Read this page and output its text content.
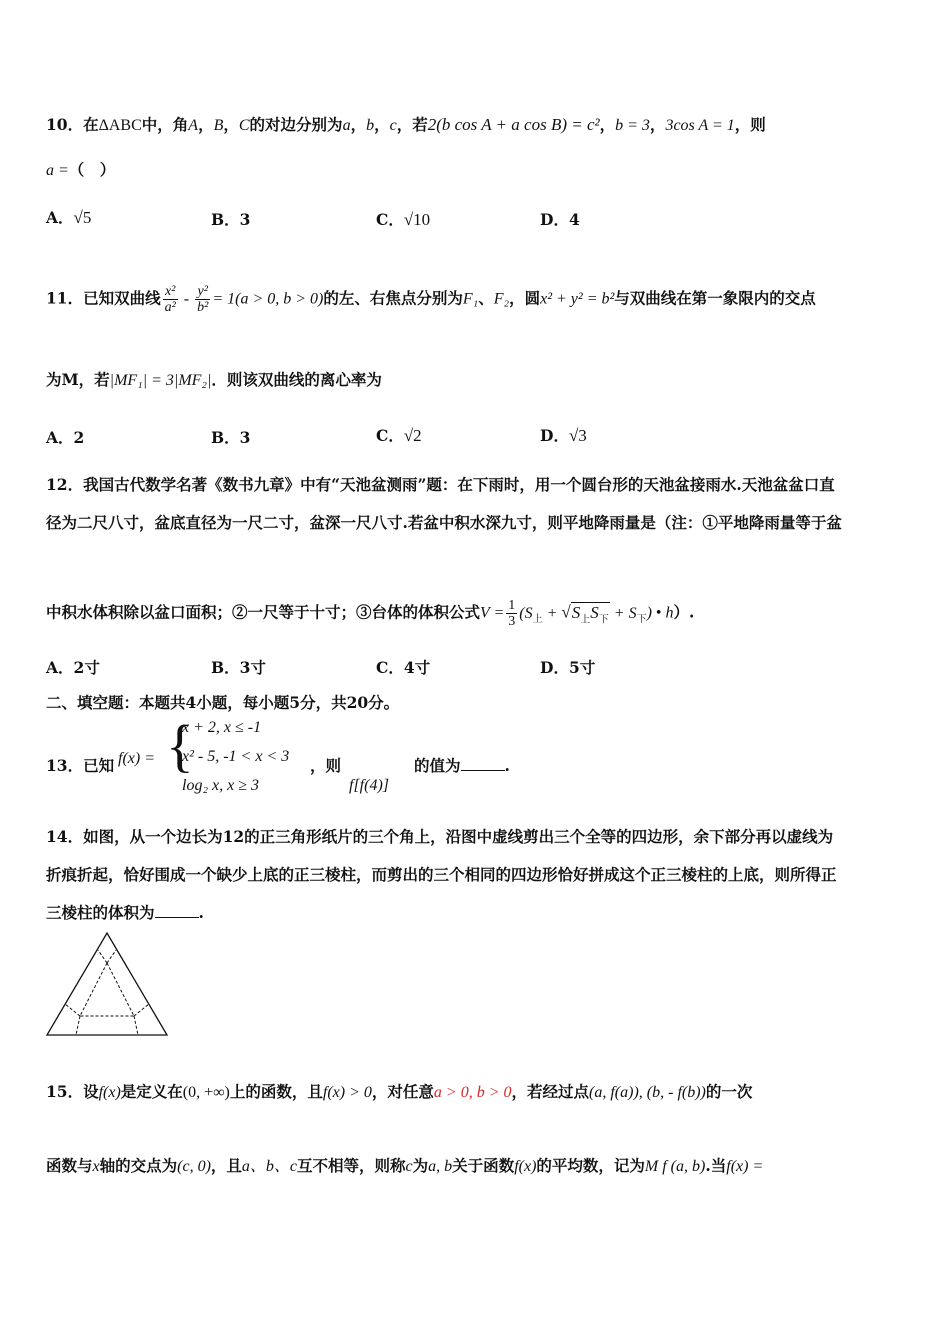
10．在ΔABC中，角A，B，C的对边分别为a，b，c，若2(b cos A + a cos B) = c²，b = 3，3cos A = 1，则
a =（　）
A．√5	B．3	C．√10	D．4
11．已知双曲线 $\frac{\text{x²}}{\text{a²}} - \frac{\text{y²}}{\text{b²}} = 1(a > 0$, b > 0)的左、右焦点分别为F₁、F₂，圆x² + y² = b²与双曲线在第一象限内的交点
为M，若|MF₁| = 3|MF₂|．则该双曲线的离心率为
A．2	B．3	C．√2	D．√3
12．我国古代数学名著《数书九章》中有“天池盆测雨”题：在下雨时，用一个圆台形的天池盆接雨水.天池盆盆口直
径为二尺八寸，盆底直径为一尺二寸，盆深一尺八寸.若盆中积水深九寸，则平地降雨量是（注：①平地降雨量等于盆
中积水体积除以盆口面积；②一尺等于十寸；③台体的体积公式$V = \frac{1}{3} (S_上 + √S_上S_下 + S_下)$ • h）.
A．2寸	B．3寸	C．4寸	D．5寸
二、填空题：本题共4小题，每小题5分，共20分。
13．已知 f(x) = {
x + 2, x ≤ -1
x² - 5, -1 < x < 3
log₂ x, x ≥ 3
，则
f[f(4)]
的值为	.
14．如图，从一个边长为12的正三角形纸片的三个角上，沿图中虚线剪出三个全等的四边形，余下部分再以虚线为
折痕折起，恰好围成一个缺少上底的正三棱柱，而剪出的三个相同的四边形恰好拼成这个正三棱柱的上底，则所得正
三棱柱的体积为	.
15．设f(x)是定义在(0, +∞)上的函数，且f(x) > 0，对任意a > 0, b > 0，若经过点(a, f(a)), (b, - f(b))的一次
函数与x轴的交点为(c, 0)，且a、b、c互不相等，则称c为a, b关于函数f(x)的平均数，记为M f (a, b).当f(x) =
